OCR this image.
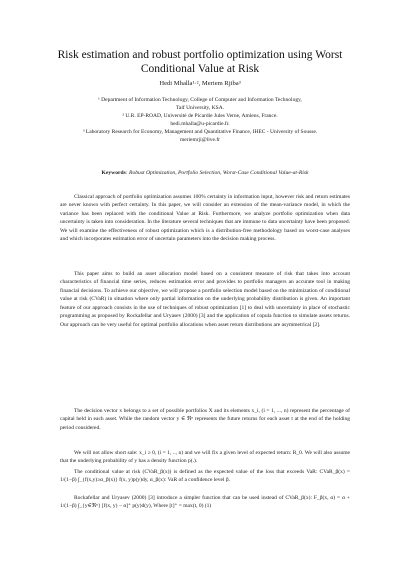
Risk estimation and robust portfolio optimization using Worst Conditional Value at Risk
Hedi Mhalla¹·², Meriem Rjiba³
¹ Department of Information Technology, College of Computer and Information Technology,
Taif University, KSA.
² U.R. EP-ROAD, Université de Picardie Jules Verne, Amiens, France.
hedi.mhalla@u-picardie.fr.
³ Laboratory Research for Economy, Management and Quantitative Finance, IHEC - University of Sousse.
meriemrji@live.fr
Keywords: Robust Optimization, Portfolio Selection, Worst-Case Conditional Value-at-Risk
Classical approach of portfolio optimization assumes 100% certainty in information input, however risk and return estimates are never known with perfect certainty. In this paper, we will consider an extension of the mean-variance model, in which the variance has been replaced with the conditional Value at Risk. Furthermore, we analyze portfolio optimization when data uncertainty is taken into consideration. In the literature several techniques that are immune to data uncertainty have been proposed. We will examine the effectiveness of robust optimization which is a distribution-free methodology based on worst-case analyses and which incorporates estimation error of uncertain parameters into the decision making process.
This paper aims to build an asset allocation model based on a consistent measure of risk that takes into account characteristics of financial time series, reduces estimation error and provides to portfolio managers an accurate tool in making financial decisions. To achieve our objective, we will propose a portfolio selection model based on the minimization of conditional value at risk (CVaR) in situation where only partial information on the underlying probability distribution is given. An important feature of our approach consists in the use of techniques of robust optimization [1] to deal with uncertainty in place of stochastic programming as proposed by Rockafellar and Uryasev (2000) [3] and the application of copula function to simulate assets returns. Our approach can be very useful for optimal portfolio allocations when asset return distributions are asymmetrical [2].
The decision vector x belongs to a set of possible portfolios X and its elements x_i, (i = 1, ..., n) represent the percentage of capital held in each asset. While the random vector y ∈ ℜⁿ represents the future returns for each asset t at the end of the holding period considered.
We will not allow short sale: x_i ≥ 0, (i = 1, .., n) and we will fix a given level of expected return: R_0. We will also assume that the underlying probability of y has a density function p(.).
The conditional value at risk (CVaR_β(x)) is defined as the expected value of the loss that exceeds VaR: CVaR_β(x) = 1/(1−β) ∫_{f(x,y)≥α_β(x)} f(x, y)p(y)dy, α_β(x): VaR of a confidence level β.
Rockafellar and Uryasev (2000) [3] introduce a simpler function that can be used instead of CVaR_β(x): F_β(x, α) = α + 1/(1−β) ∫_{y∈ℜⁿ} [f(x, y) − α]⁺ p(y)d(y), Where [t]⁺ = max(t, 0) (1)
